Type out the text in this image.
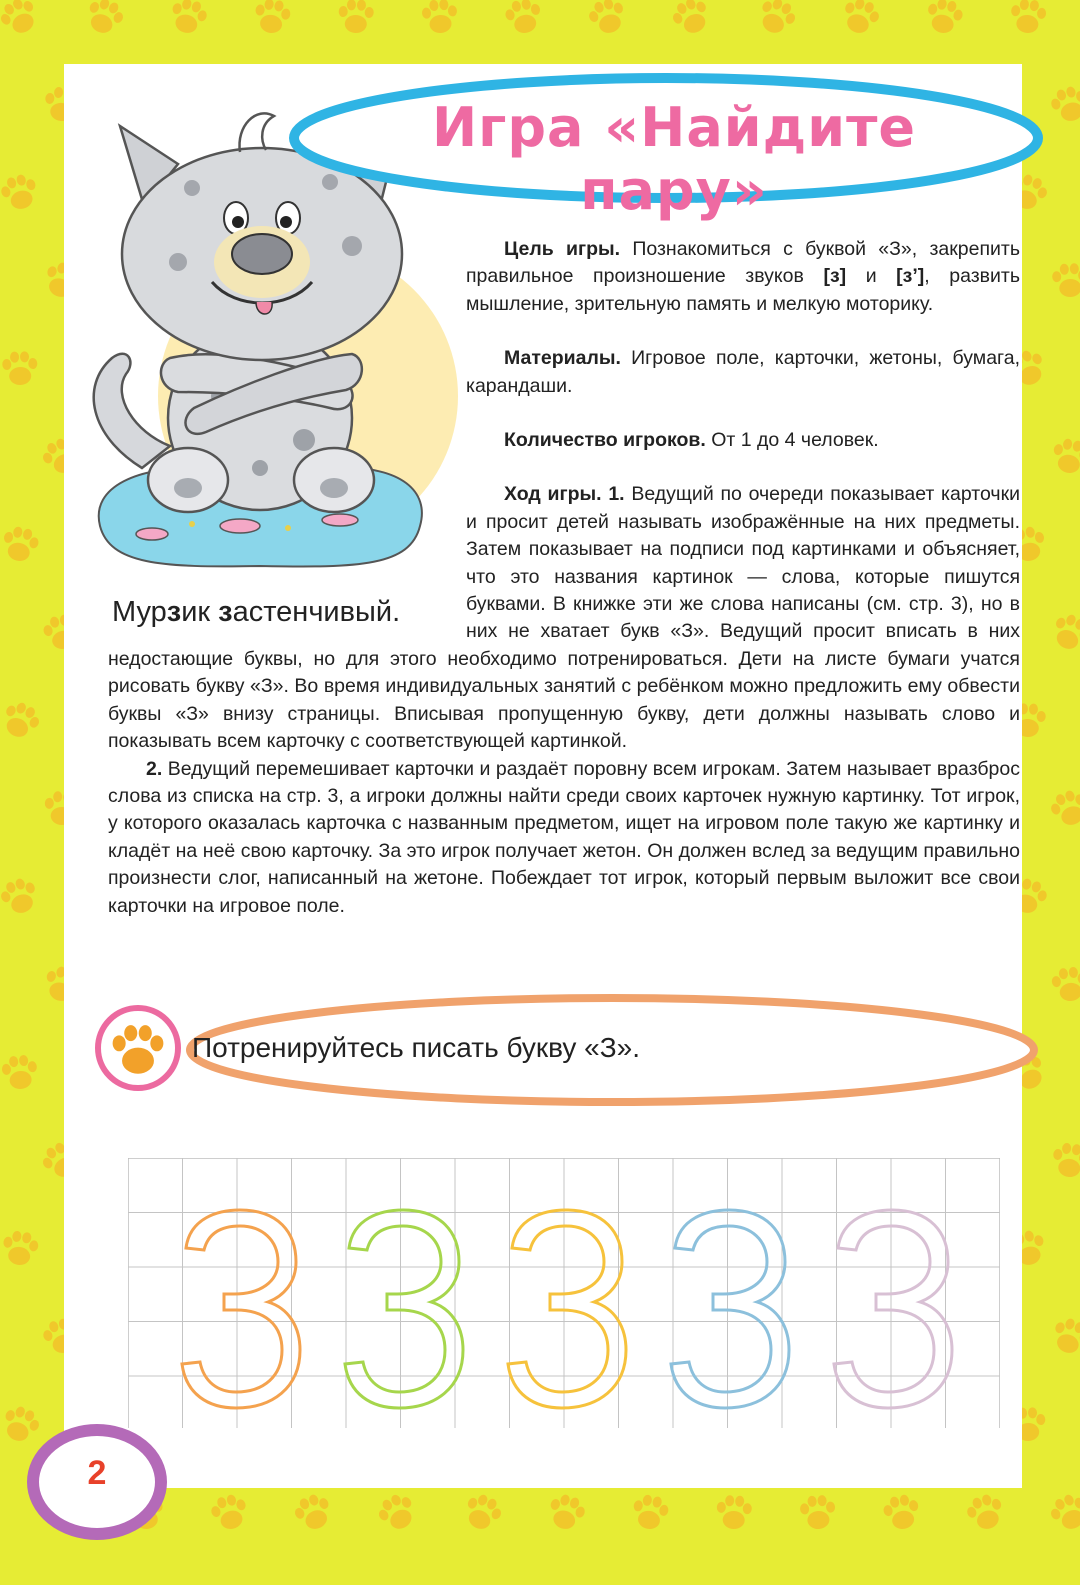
Игра «Найдите пару»
Мурзик застенчивый.

Цель игры. Познакомиться с буквой «З», закрепить правильное произношение звуков [з] и [з’], развить мышление, зрительную память и мелкую моторику.

Материалы. Игровое поле, карточки, жетоны, бумага, карандаши.

Количество игроков. От 1 до 4 человек.

Ход игры. 1. Ведущий по очереди показывает карточки и просит детей называть изображённые на них предметы. Затем показывает на подписи под картинками и объясняет, что это названия картинок — слова, которые пишутся буквами. В книжке эти же слова написаны (см. стр. 3), но в них не хватает букв «З». Ведущий просит вписать в них недостающие буквы, но для этого необходимо потренироваться. Дети на листе бумаги учатся рисовать букву «З». Во время индивидуальных занятий с ребёнком можно предложить ему обвести буквы «З» внизу страницы. Вписывая пропущенную букву, дети должны называть слово и показывать всем карточку с соответствующей картинкой.

2. Ведущий перемешивает карточки и раздаёт поровну всем игрокам. Затем называет вразброс слова из списка на стр. 3, а игроки должны найти среди своих карточек нужную картинку. Тот игрок, у которого оказалась карточка с названным предметом, ищет на игровом поле такую же картинку и кладёт на неё свою карточку. За это игрок получает жетон. Он должен вслед за ведущим правильно произнести слог, написанный на жетоне. Побеждает тот игрок, который первым выложит все свои карточки на игровое поле.

Потренируйтесь писать букву «З».
2
